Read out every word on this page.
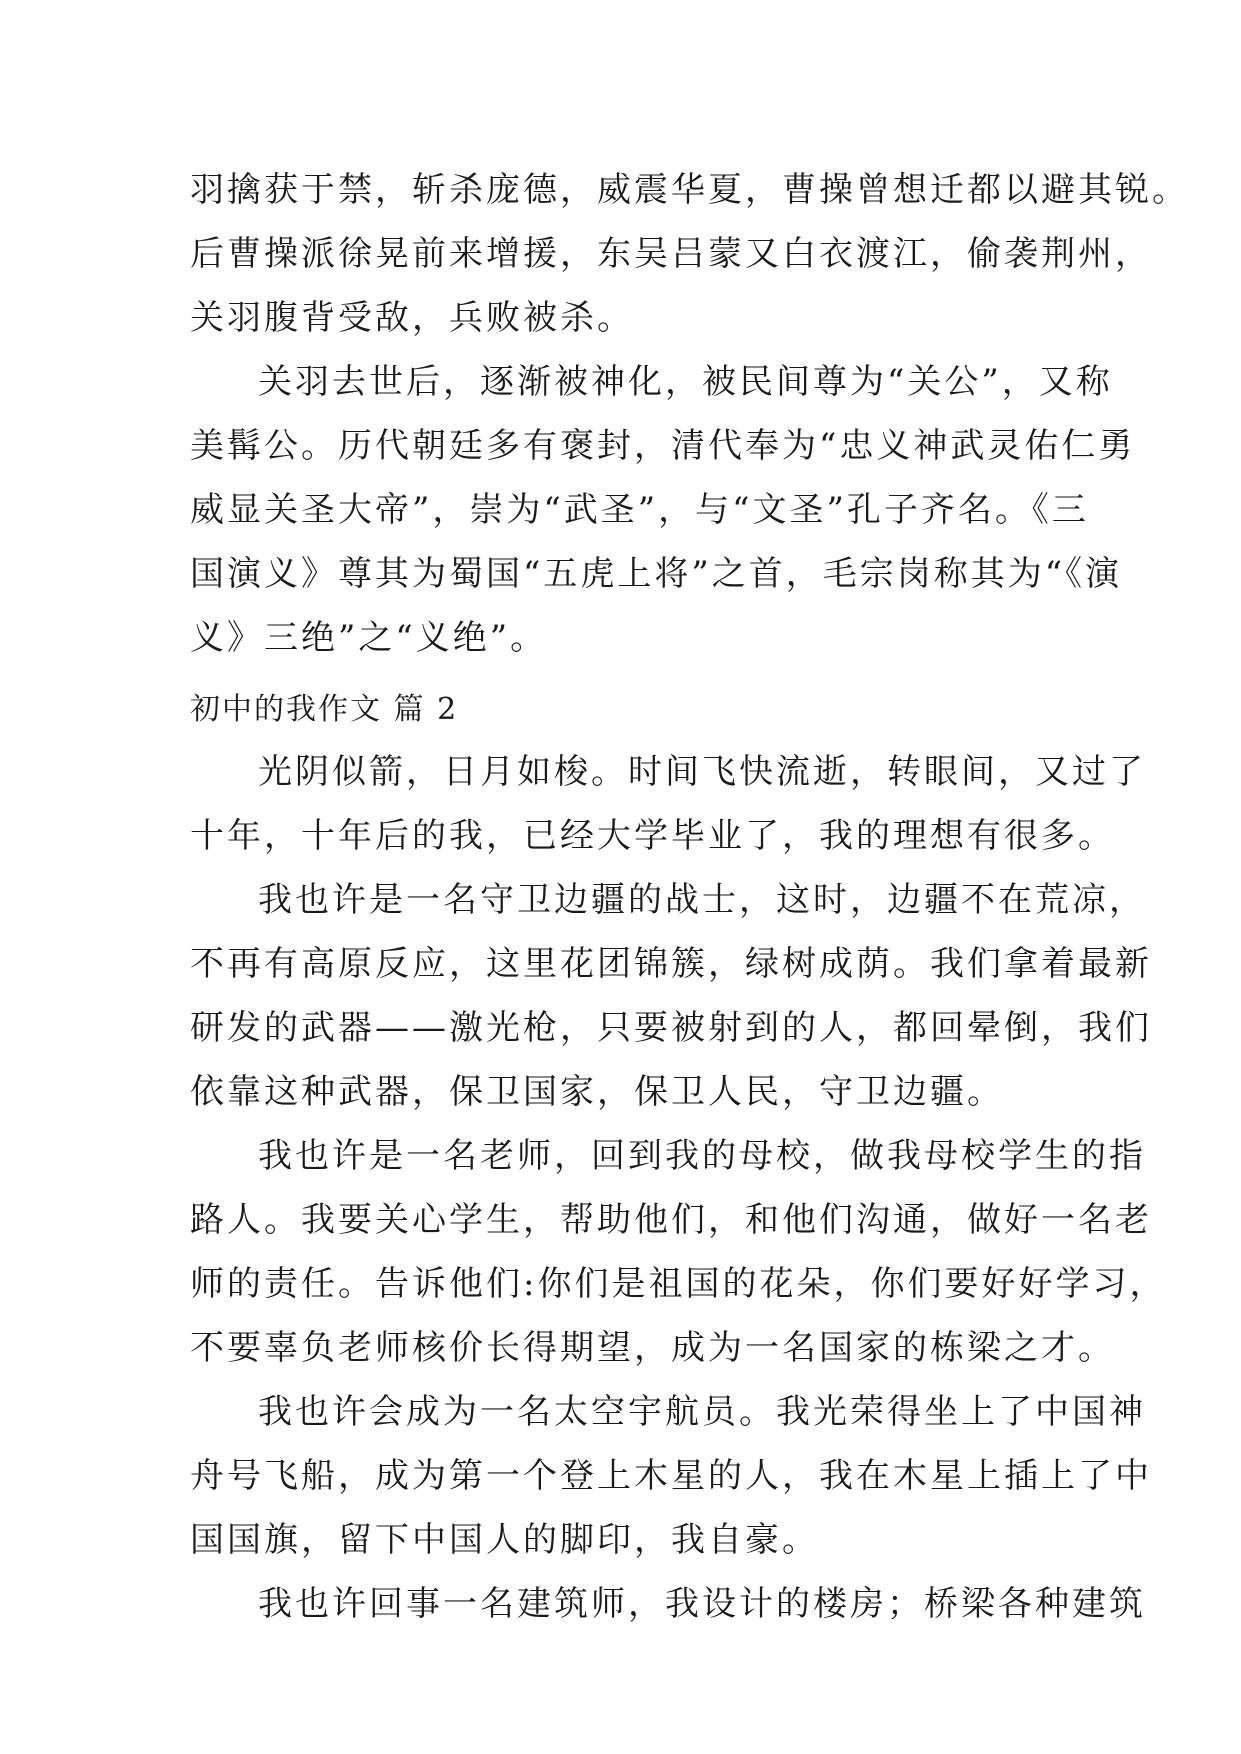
羽擒获于禁，斩杀庞德，威震华夏，曹操曾想迁都以避其锐。
后曹操派徐晃前来增援，东吴吕蒙又白衣渡江，偷袭荆州，
关羽腹背受敌，兵败被杀。
关羽去世后，逐渐被神化，被民间尊为“关公”，又称
美髯公。历代朝廷多有褒封，清代奉为“忠义神武灵佑仁勇
威显关圣大帝”，崇为“武圣”，与“文圣”孔子齐名。《三
国演义》尊其为蜀国“五虎上将”之首，毛宗岗称其为“《演
义》三绝”之“义绝”。
初中的我作文 篇 2
光阴似箭，日月如梭。时间飞快流逝，转眼间，又过了
十年，十年后的我，已经大学毕业了，我的理想有很多。
我也许是一名守卫边疆的战士，这时，边疆不在荒凉，
不再有高原反应，这里花团锦簇，绿树成荫。我们拿着最新
研发的武器——激光枪，只要被射到的人，都回晕倒，我们
依靠这种武器，保卫国家，保卫人民，守卫边疆。
我也许是一名老师，回到我的母校，做我母校学生的指
路人。我要关心学生，帮助他们，和他们沟通，做好一名老
师的责任。告诉他们:你们是祖国的花朵，你们要好好学习，
不要辜负老师核价长得期望，成为一名国家的栋梁之才。
我也许会成为一名太空宇航员。我光荣得坐上了中国神
舟号飞船，成为第一个登上木星的人，我在木星上插上了中
国国旗，留下中国人的脚印，我自豪。
我也许回事一名建筑师，我设计的楼房；桥梁各种建筑
